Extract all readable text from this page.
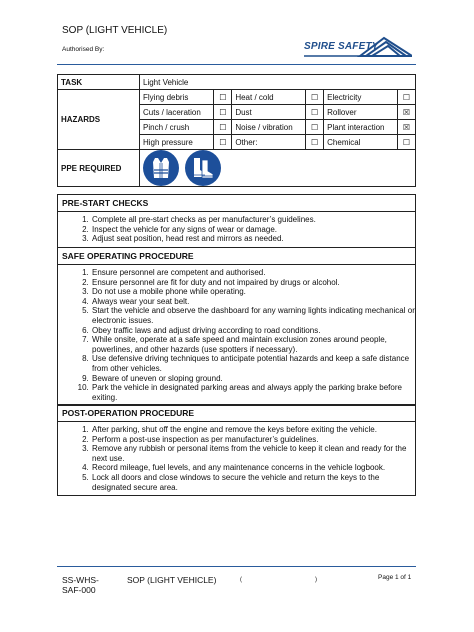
SOP (LIGHT VEHICLE)
Authorised By:	SPIRE SAFETY
TASK	Light Vehicle					
HAZARDS	Flying debris	☐	Heat / cold	☐	Electricity	☐
	Cuts / laceration	☐	Dust	☐	Rollover	☒
	Pinch / crush	☐	Noise / vibration	☐	Plant interaction	☒
	High pressure	☐	Other:	☐	Chemical	☐
PPE REQUIRED	

PRE-START CHECKS
1. Complete all pre-start checks as per manufacturer’s guidelines.
2. Inspect the vehicle for any signs of wear or damage.
3. Adjust seat position, head rest and mirrors as needed.
SAFE OPERATING PROCEDURE
1. Ensure personnel are competent and authorised.
2. Ensure personnel are fit for duty and not impaired by drugs or alcohol.
3. Do not use a mobile phone while operating.
4. Always wear your seat belt.
5. Start the vehicle and observe the dashboard for any warning lights indicating mechanical or electronic issues.
6. Obey traffic laws and adjust driving according to road conditions.
7. While onsite, operate at a safe speed and maintain exclusion zones around people, powerlines, and other hazards (use spotters if necessary).
8. Use defensive driving techniques to anticipate potential hazards and keep a safe distance from other vehicles.
9. Beware of uneven or sloping ground.
10. Park the vehicle in designated parking areas and always apply the parking brake before exiting.
POST-OPERATION PROCEDURE
1. After parking, shut off the engine and remove the keys before exiting the vehicle.
2. Perform a post-use inspection as per manufacturer’s guidelines.
3. Remove any rubbish or personal items from the vehicle to keep it clean and ready for the next use.
4. Record mileage, fuel levels, and any maintenance concerns in the vehicle logbook.
5. Lock all doors and close windows to secure the vehicle and return the keys to the designated secure area.
SS-WHS-SAF-000
SOP (LIGHT VEHICLE)	(	)	Page 1 of 1
